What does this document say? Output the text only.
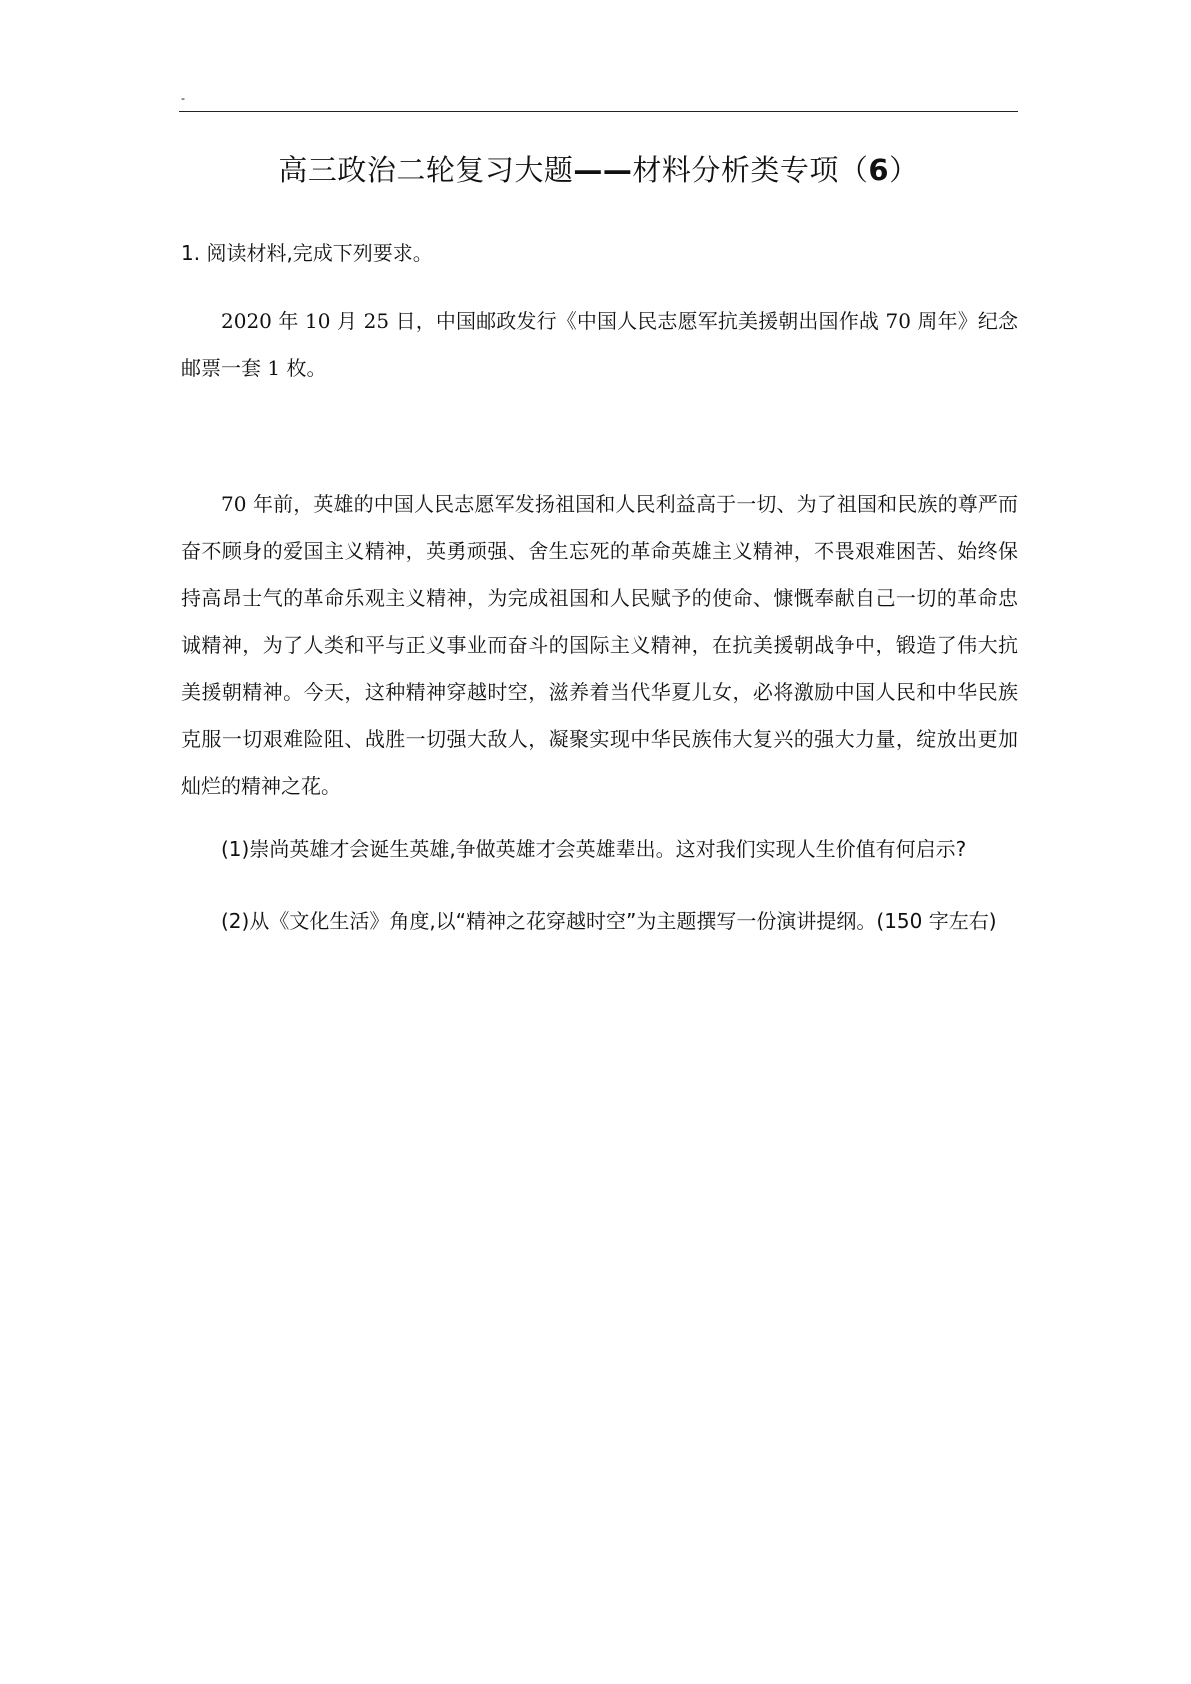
-
高三政治二轮复习大题——材料分析类专项（6）
1. 阅读材料,完成下列要求。

2020 年 10 月 25 日，中国邮政发行《中国人民志愿军抗美援朝出国作战 70 周年》纪念邮票一套 1 枚。

70 年前，英雄的中国人民志愿军发扬祖国和人民利益高于一切、为了祖国和民族的尊严而奋不顾身的爱国主义精神，英勇顽强、舍生忘死的革命英雄主义精神，不畏艰难困苦、始终保持高昂士气的革命乐观主义精神，为完成祖国和人民赋予的使命、慷慨奉献自己一切的革命忠诚精神，为了人类和平与正义事业而奋斗的国际主义精神，在抗美援朝战争中，锻造了伟大抗美援朝精神。今天，这种精神穿越时空，滋养着当代华夏儿女，必将激励中国人民和中华民族克服一切艰难险阻、战胜一切强大敌人，凝聚实现中华民族伟大复兴的强大力量，绽放出更加灿烂的精神之花。

(1)崇尚英雄才会诞生英雄,争做英雄才会英雄辈出。这对我们实现人生价值有何启示?

(2)从《文化生活》角度,以“精神之花穿越时空”为主题撰写一份演讲提纲。(150 字左右)
